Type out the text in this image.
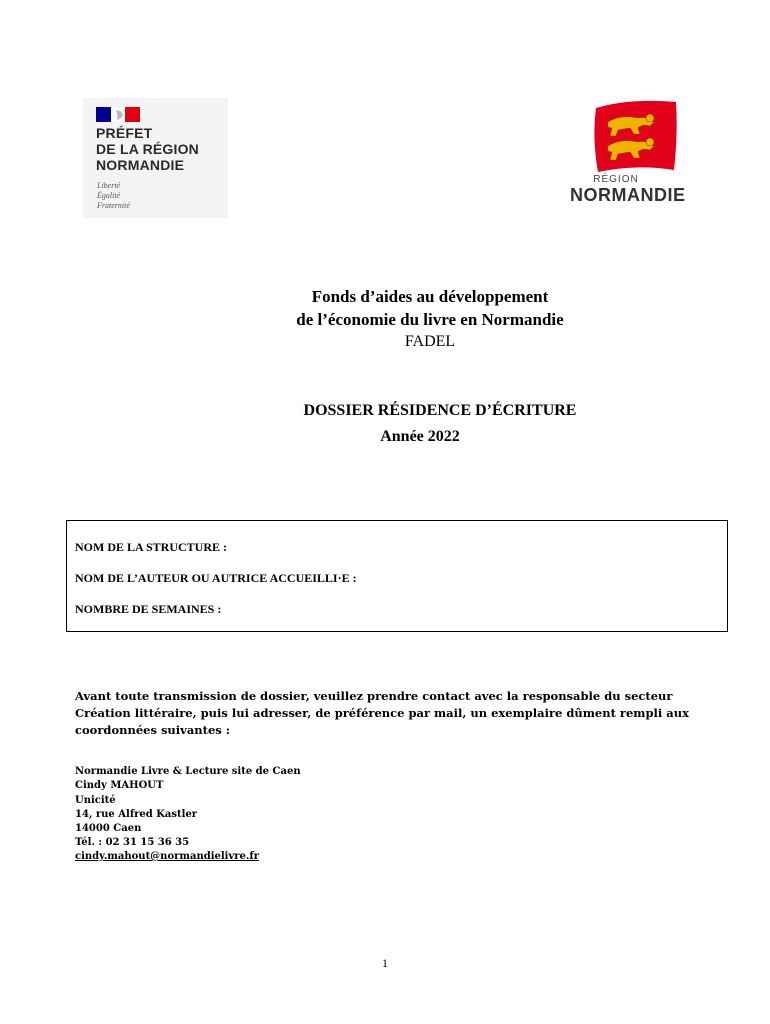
PRÉFET
DE LA RÉGION
NORMANDIE
Liberté
Égalité
Fraternité
RÉGION
NORMANDIE
Fonds d’aides au développement
de l’économie du livre en Normandie
FADEL
DOSSIER RÉSIDENCE D’ÉCRITURE
Année 2022
NOM DE LA STRUCTURE :
NOM DE L’AUTEUR OU AUTRICE ACCUEILLI·E :
NOMBRE DE SEMAINES :
Avant toute transmission de dossier, veuillez prendre contact avec la responsable du secteur
Création littéraire, puis lui adresser, de préférence par mail, un exemplaire dûment rempli aux
coordonnées suivantes :
Normandie Livre & Lecture site de Caen
Cindy MAHOUT
Unicité
14, rue Alfred Kastler
14000 Caen
Tél. : 02 31 15 36 35
cindy.mahout@normandielivre.fr
1
